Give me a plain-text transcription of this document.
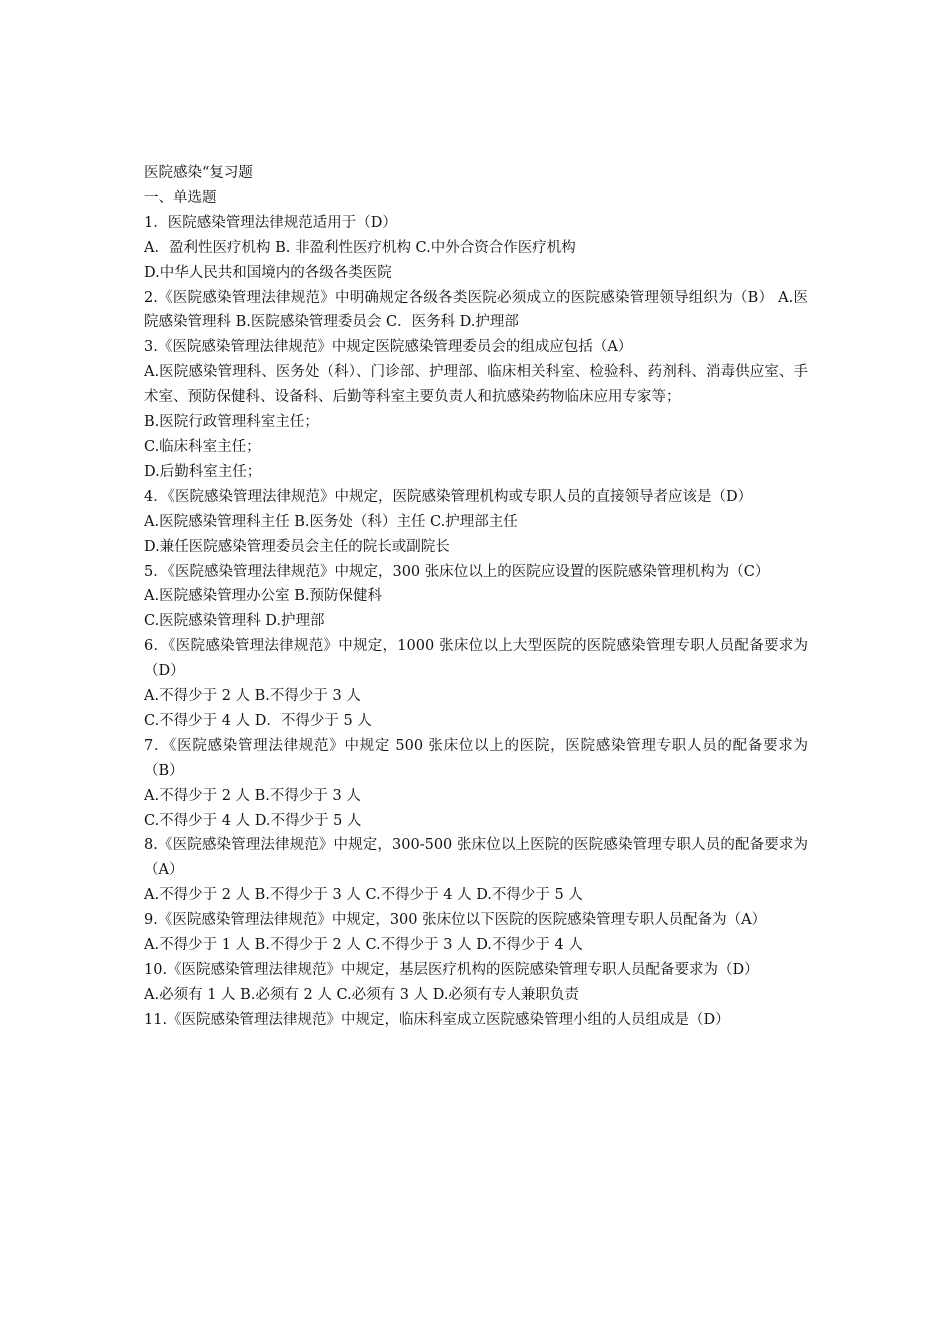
医院感染“复习题
一、单选题
1．医院感染管理法律规范适用于（D）
A．盈利性医疗机构 B. 非盈利性医疗机构 C.中外合资合作医疗机构
D.中华人民共和国境内的各级各类医院
2.《医院感染管理法律规范》中明确规定各级各类医院必须成立的医院感染管理领导组织为（B） A.医院感染管理科 B.医院感染管理委员会 C．医务科 D.护理部
3.《医院感染管理法律规范》中规定医院感染管理委员会的组成应包括（A）
A.医院感染管理科、医务处（科）、门诊部、护理部、临床相关科室、检验科、药剂科、消毒供应室、手术室、预防保健科、设备科、后勤等科室主要负责人和抗感染药物临床应用专家等；
B.医院行政管理科室主任；
C.临床科室主任；
D.后勤科室主任；
4．《医院感染管理法律规范》中规定，医院感染管理机构或专职人员的直接领导者应该是（D）
A.医院感染管理科主任 B.医务处（科）主任 C.护理部主任
D.兼任医院感染管理委员会主任的院长或副院长
5．《医院感染管理法律规范》中规定，300 张床位以上的医院应设置的医院感染管理机构为（C）
A.医院感染管理办公室 B.预防保健科
C.医院感染管理科 D.护理部
6．《医院感染管理法律规范》中规定，1000 张床位以上大型医院的医院感染管理专职人员配备要求为（D）
A.不得少于 2 人 B.不得少于 3 人
C.不得少于 4 人 D．不得少于 5 人
7．《医院感染管理法律规范》中规定 500 张床位以上的医院，医院感染管理专职人员的配备要求为（B）
A.不得少于 2 人 B.不得少于 3 人
C.不得少于 4 人 D.不得少于 5 人
8.《医院感染管理法律规范》中规定，300-500 张床位以上医院的医院感染管理专职人员的配备要求为（A）
A.不得少于 2 人 B.不得少于 3 人 C.不得少于 4 人 D.不得少于 5 人
9.《医院感染管理法律规范》中规定，300 张床位以下医院的医院感染管理专职人员配备为（A）
A.不得少于 1 人 B.不得少于 2 人 C.不得少于 3 人 D.不得少于 4 人
10.《医院感染管理法律规范》中规定，基层医疗机构的医院感染管理专职人员配备要求为（D）
A.必须有 1 人 B.必须有 2 人 C.必须有 3 人 D.必须有专人兼职负责
11.《医院感染管理法律规范》中规定，临床科室成立医院感染管理小组的人员组成是（D）
